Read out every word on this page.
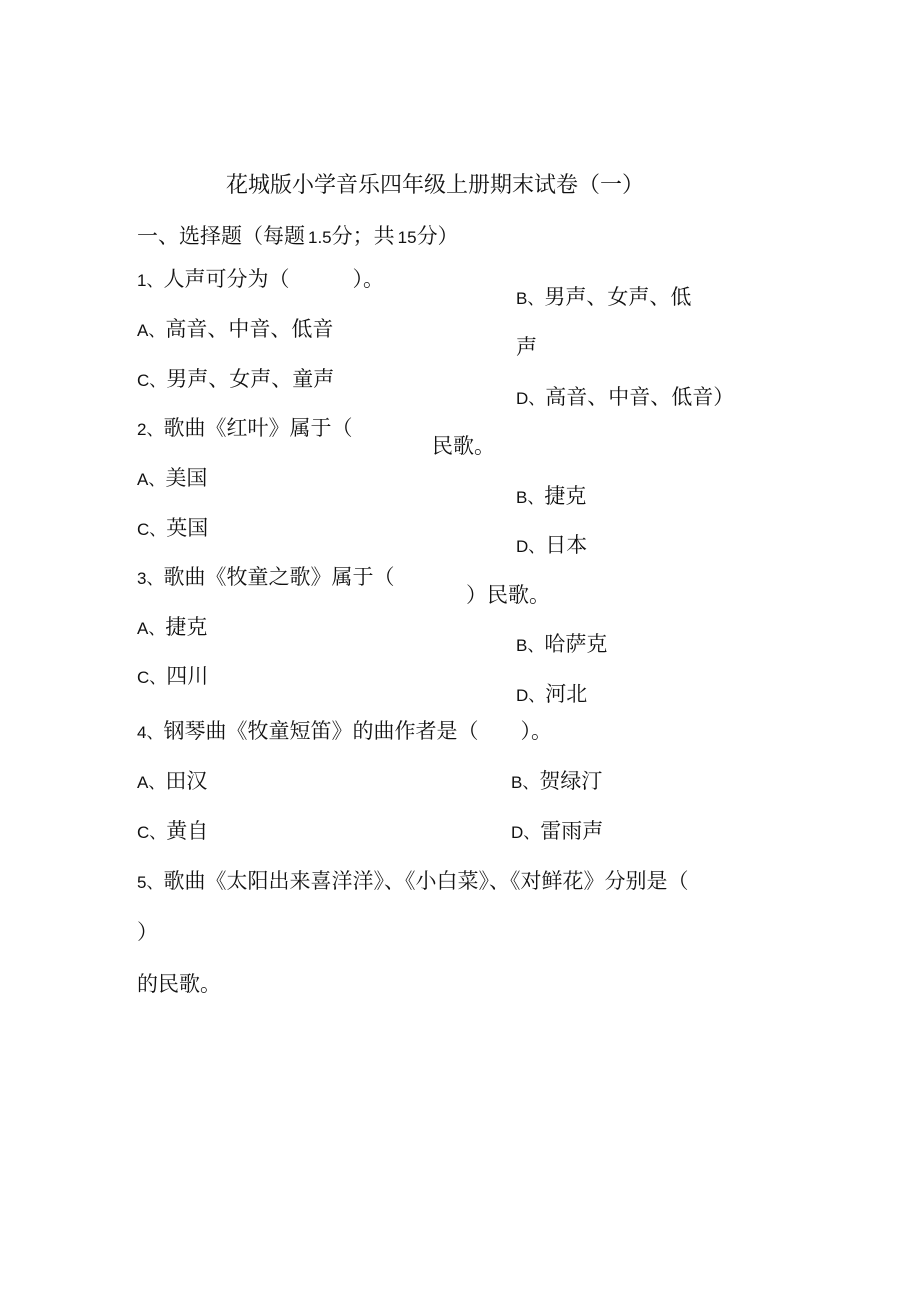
花城版小学音乐四年级上册期末试卷（一）
一、选择题（每题 1.5分；共 15分）
1、人声可分为（　　　）。
B、男声、女声、低
A、高音、中音、低音
声
C、男声、女声、童声
D、高音、中音、低音）
2、歌曲《红叶》属于（
民歌。
A、美国
B、捷克
C、英国
D、日本
3、歌曲《牧童之歌》属于（
）民歌。
A、捷克
B、哈萨克
C、四川
D、河北
4、钢琴曲《牧童短笛》的曲作者是（　　）。
A、田汉	B、贺绿汀
C、黄自	D、雷雨声
5、歌曲《太阳出来喜洋洋》、《小白菜》、《对鲜花》分别是（
）
的民歌。
